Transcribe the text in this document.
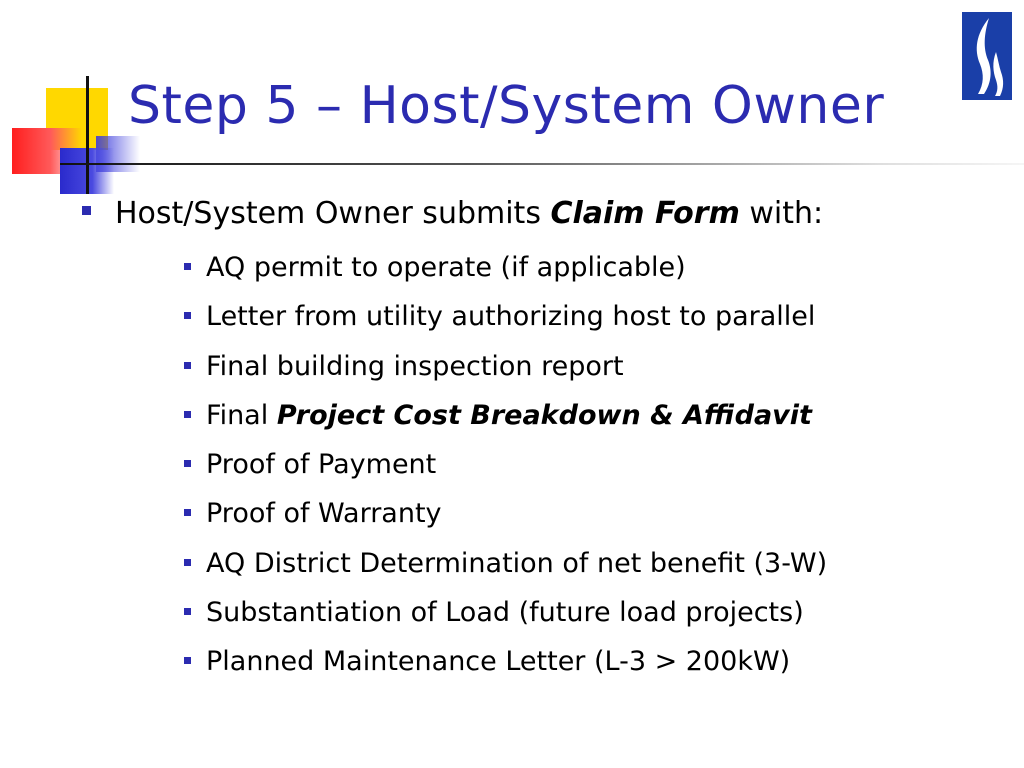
Step 5 – Host/System Owner
Host/System Owner submits Claim Form with:
AQ permit to operate (if applicable)
Letter from utility authorizing host to parallel
Final building inspection report
Final Project Cost Breakdown & Affidavit
Proof of Payment
Proof of Warranty
AQ District Determination of net benefit (3-W)
Substantiation of Load (future load projects)
Planned Maintenance Letter (L-3 > 200kW)
